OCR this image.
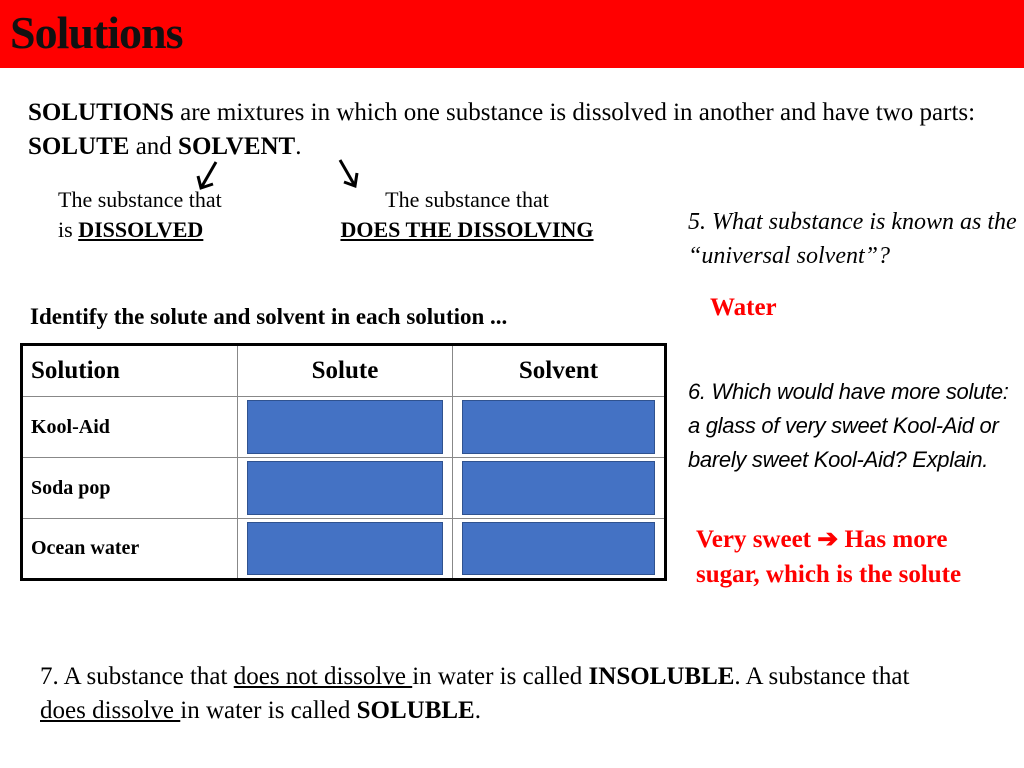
Solutions
SOLUTIONS are mixtures in which one substance is dissolved in another and have two parts: SOLUTE and SOLVENT.
The substance that
is DISSOLVED
The substance that
DOES THE DISSOLVING	5. What substance is known as the “universal solvent”?
Water
Identify the solute and solvent in each solution ...
Solution	Solute	Solvent
Kool-Aid	

Soda pop	

Ocean water	

6. Which would have more solute: a glass of very sweet Kool-Aid or barely sweet Kool-Aid? Explain.
Very sweet ➔ Has more sugar, which is the solute
7. A substance that does not dissolve in water is called INSOLUBLE. A substance that does dissolve in water is called SOLUBLE.
